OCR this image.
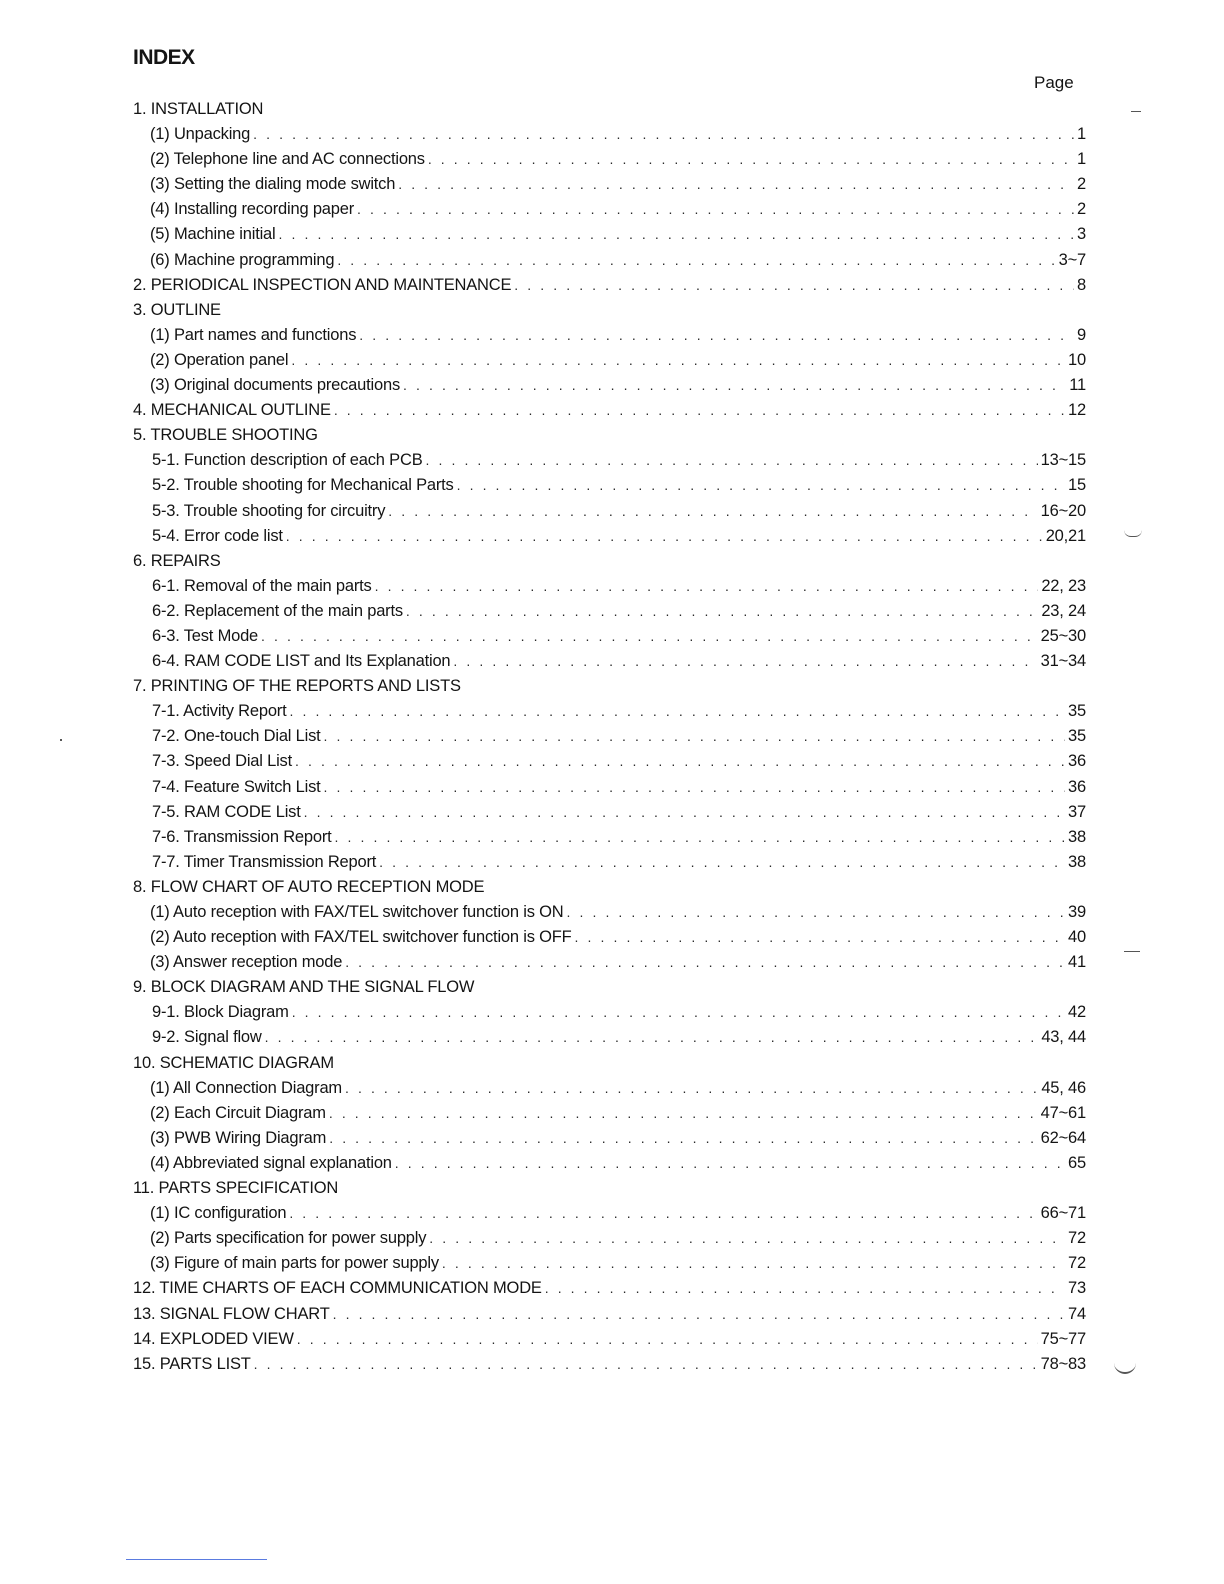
INDEX
Page
1. INSTALLATION
(1) Unpacking . . .	1
(2) Telephone line and AC connections . . .	1
(3) Setting the dialing mode switch . . .	2
(4) Installing recording paper . . .	2
(5) Machine initial . . .	3
(6) Machine programming . . .	3~7
2. PERIODICAL INSPECTION AND MAINTENANCE . . .	8
3. OUTLINE
(1) Part names and functions . . .	9
(2) Operation panel . . .	10
(3) Original documents precautions . . .	11
4. MECHANICAL OUTLINE . . .	12
5. TROUBLE SHOOTING
5-1. Function description of each PCB . . .	13~15
5-2. Trouble shooting for Mechanical Parts . . .	15
5-3. Trouble shooting for circuitry . . .	16~20
5-4. Error code list . . .	20,21
6. REPAIRS
6-1. Removal of the main parts . . .	22, 23
6-2. Replacement of the main parts . . .	23, 24
6-3. Test Mode . . .	25~30
6-4. RAM CODE LIST and Its Explanation . . .	31~34
7. PRINTING OF THE REPORTS AND LISTS
7-1. Activity Report . . .	35
7-2. One-touch Dial List . . .	35
7-3. Speed Dial List . . .	36
7-4. Feature Switch List . . .	36
7-5. RAM CODE List . . .	37
7-6. Transmission Report . . .	38
7-7. Timer Transmission Report . . .	38
8. FLOW CHART OF AUTO RECEPTION MODE
(1) Auto reception with FAX/TEL switchover function is ON . . .	39
(2) Auto reception with FAX/TEL switchover function is OFF . . .	40
(3) Answer reception mode . . .	41
9. BLOCK DIAGRAM AND THE SIGNAL FLOW
9-1. Block Diagram . . .	42
9-2. Signal flow . . .	43, 44
10. SCHEMATIC DIAGRAM
(1) All Connection Diagram . . .	45, 46
(2) Each Circuit Diagram . . .	47~61
(3) PWB Wiring Diagram . . .	62~64
(4) Abbreviated signal explanation . . .	65
11. PARTS SPECIFICATION
(1) IC configuration . . .	66~71
(2) Parts specification for power supply . . .	72
(3) Figure of main parts for power supply . . .	72
12. TIME CHARTS OF EACH COMMUNICATION MODE . . .	73
13. SIGNAL FLOW CHART . . .	74
14. EXPLODED VIEW . . .	75~77
15. PARTS LIST . . .	78~83
